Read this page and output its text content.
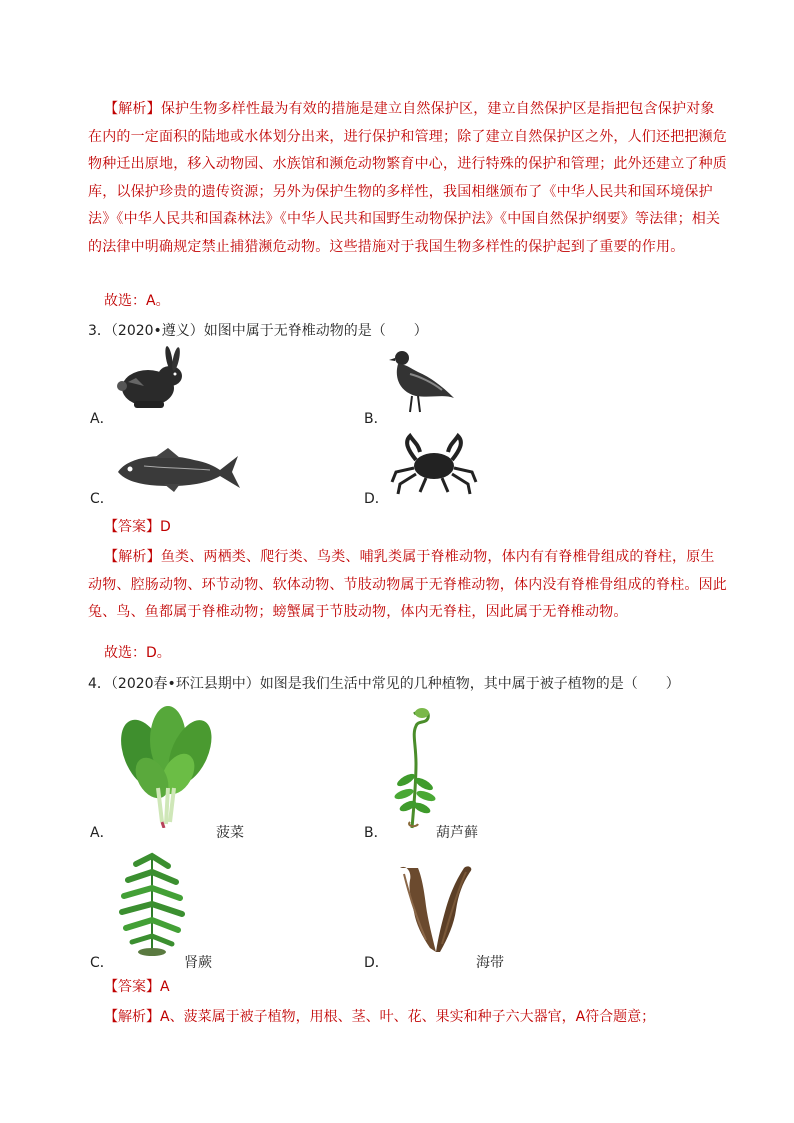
【解析】保护生物多样性最为有效的措施是建立自然保护区，建立自然保护区是指把包含保护对象在内的一定面积的陆地或水体划分出来，进行保护和管理；除了建立自然保护区之外，人们还把把濒危物种迁出原地，移入动物园、水族馆和濒危动物繁育中心，进行特殊的保护和管理；此外还建立了种质库，以保护珍贵的遗传资源；另外为保护生物的多样性，我国相继颁布了《中华人民共和国环境保护法》《中华人民共和国森林法》《中华人民共和国野生动物保护法》《中国自然保护纲要》等法律；相关的法律中明确规定禁止捕猎濒危动物。这些措施对于我国生物多样性的保护起到了重要的作用。
故选：A。
3．（2020•遵义）如图中属于无脊椎动物的是（　　）
A．	B．
C．	D．
【答案】D
【解析】鱼类、两栖类、爬行类、鸟类、哺乳类属于脊椎动物，体内有有脊椎骨组成的脊柱，原生动物、腔肠动物、环节动物、软体动物、节肢动物属于无脊椎动物，体内没有脊椎骨组成的脊柱。因此兔、鸟、鱼都属于脊椎动物；螃蟹属于节肢动物，体内无脊柱，因此属于无脊椎动物。
故选：D。
4．（2020春•环江县期中）如图是我们生活中常见的几种植物，其中属于被子植物的是（　　）
A．	菠菜	B．	葫芦藓
C．	肾蕨	D．	海带
【答案】A
【解析】A、菠菜属于被子植物，用根、茎、叶、花、果实和种子六大器官，A符合题意；
